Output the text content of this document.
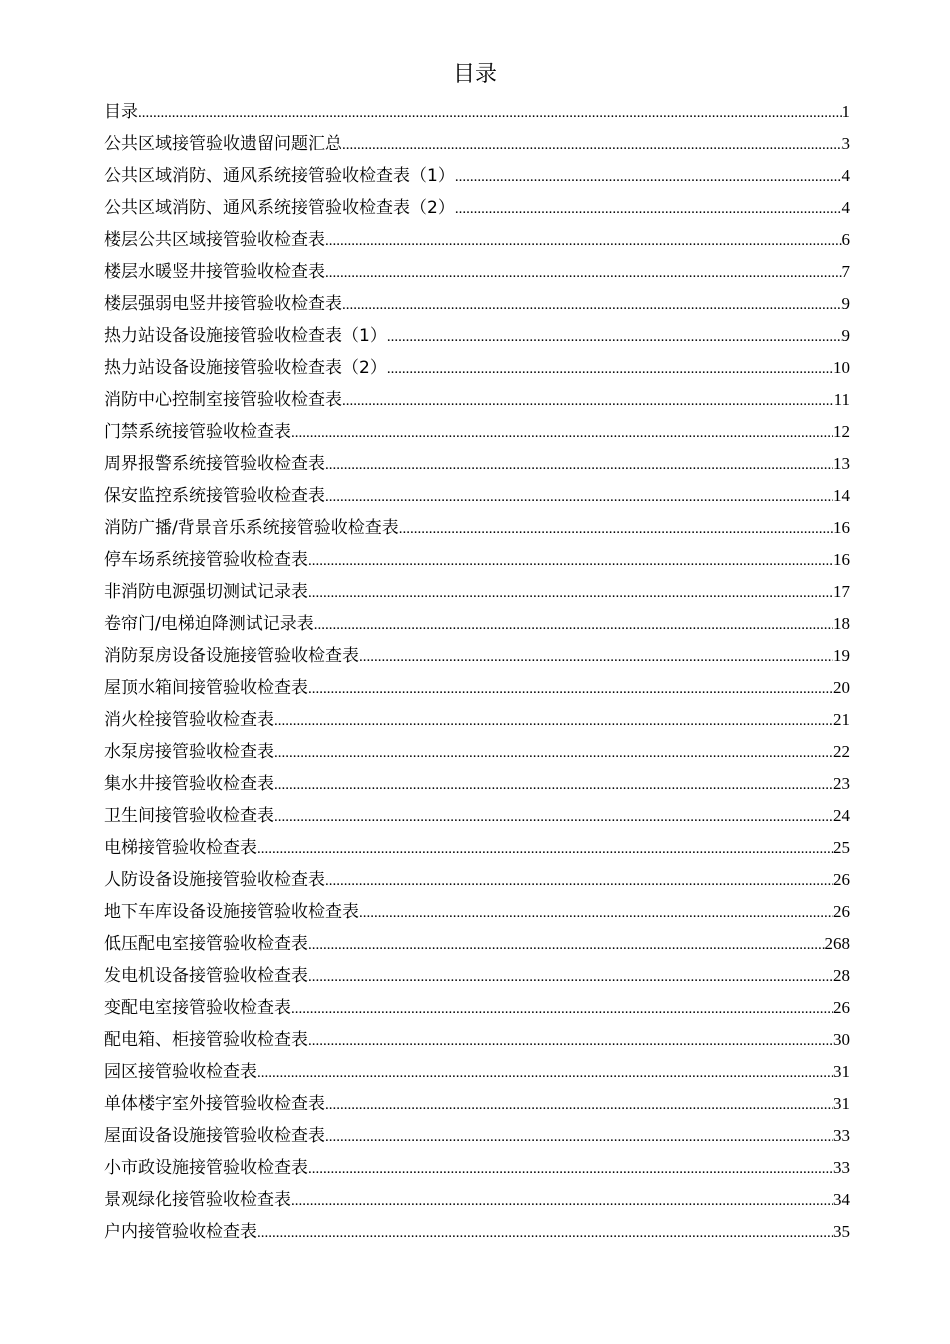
目录
目录 .....	1
公共区域接管验收遗留问题汇总 .....	3
公共区域消防、通风系统接管验收检查表（1） .....	4
公共区域消防、通风系统接管验收检查表（2） .....	4
楼层公共区域接管验收检查表 .....	6
楼层水暖竖井接管验收检查表 .....	7
楼层强弱电竖井接管验收检查表 .....	9
热力站设备设施接管验收检查表（1） .....	9
热力站设备设施接管验收检查表（2） .....	10
消防中心控制室接管验收检查表 .....	11
门禁系统接管验收检查表 .....	12
周界报警系统接管验收检查表 .....	13
保安监控系统接管验收检查表 .....	14
消防广播/背景音乐系统接管验收检查表 .....	16
停车场系统接管验收检查表 .....	16
非消防电源强切测试记录表 .....	17
卷帘门/电梯迫降测试记录表 .....	18
消防泵房设备设施接管验收检查表 .....	19
屋顶水箱间接管验收检查表 .....	20
消火栓接管验收检查表 .....	21
水泵房接管验收检查表 .....	22
集水井接管验收检查表 .....	23
卫生间接管验收检查表 .....	24
电梯接管验收检查表 .....	25
人防设备设施接管验收检查表 .....	26
地下车库设备设施接管验收检查表 .....	26
低压配电室接管验收检查表 .....	268
发电机设备接管验收检查表 .....	28
变配电室接管验收检查表 .....	26
配电箱、柜接管验收检查表 .....	30
园区接管验收检查表 .....	31
单体楼宇室外接管验收检查表 .....	31
屋面设备设施接管验收检查表 .....	33
小市政设施接管验收检查表 .....	33
景观绿化接管验收检查表 .....	34
户内接管验收检查表 .....	35
